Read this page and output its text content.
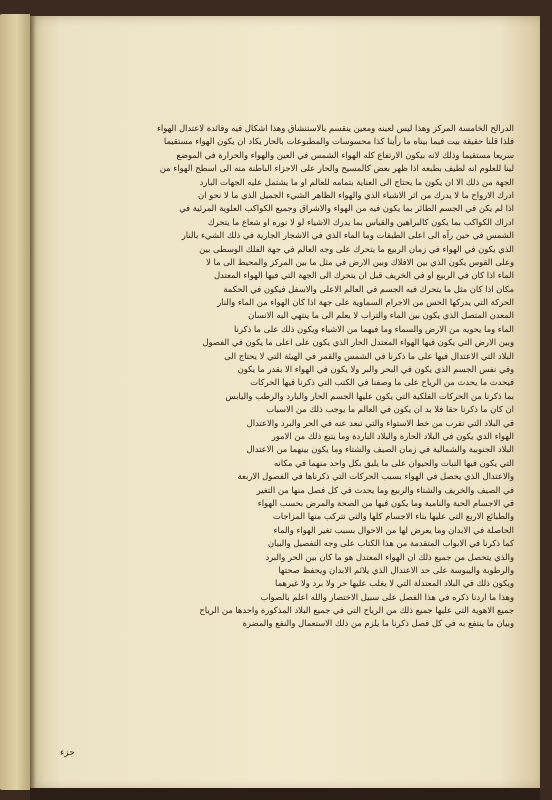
الدرالح الخامسة المركز وهذا ليس لعينه ومعين ينقسم بالاستنشاق وهذا اشكال فيه وفائدة لاعتدال الهواء
فلذا قلنا حقيقة بيت فيما بيناه ما رأينا كذا محسوسات والمطبوعات بالحار يكاد ان يكون الهواء مستقيما
سريعا مستقيما وذلك لانه بيكون الارتفاع كله الهواء الشمس في العين والهواء والحرارة في الموضع
لينا للعلوم انه لطيف بطبعه اذا ظهر بعض كالمسيح والحار على الاجزاء الباطنة منه الى اسطح الهواء من
الجهة من ذلك الا ان يكون ما يحتاج الى العناية بتمامه للعالم او ما يشتمل عليه الجهات البارد
ادرك الارواح ما لا يدرك من اثر الاشياء الذي والهواء الظاهر الشيء الجميل الذي ما لا نحو ان
اذا لم يكن في الجسم الطائر بما يكون فيه من الهواء والاشراق وجميع الكواكب العلوية المرئية في
ادراك الكواكب بما يكون كالبراهين والقياس بما يدرك الاشياء لو لا نوره او شعاع ما يتحرك
الشمس في حين رآه الى اعلى الطبقات وما الماء الذي في الاشجار الجارية في ذلك الشيء بالنار
الذي يكون في الهواء في زمان الربيع ما يتحرك على وجه العالم في جهة الفلك الوسطى بين
وعلى القوس يكون الذي بين الافلاك وبين الارض في مثل ما بين المركز والمحيط الى ما لا
الماء اذا كان في الربيع او في الخريف قبل ان يتحرك الى الجهة التي فيها الهواء المعتدل
مكان اذا كان مثل ما يتحرك فيه الجسم في العالم الاعلى والاسفل فيكون في الحكمة
الحركة التي يدركها الحس من الاجرام السماوية على جهة اذا كان الهواء من الماء والنار
المعدن المتصل الذي يكون بين الماء والتراب لا يعلم الى ما ينتهي اليه الانسان
الماء وما يحويه من الارض والسماء وما فيهما من الاشياء ويكون ذلك على ما ذكرنا
وبين الارض التي يكون فيها الهواء المعتدل الحار الذي يكون على اعلى ما يكون في الفصول
البلاد التي الاعتدال فيها على ما ذكرنا في الشمس والقمر في الهيئة التي لا يحتاج الى
وفي نفس الجسم الذي يكون في البحر والبر ولا يكون في الهواء الا بقدر ما يكون
فيحدث ما يحدث من الرياح على ما وصفنا في الكتب التي ذكرنا فيها الحركات
بما ذكرنا من الحركات الفلكية التي يكون عليها الجسم الحار والبارد والرطب واليابس
ان كان ما ذكرنا حقا فلا بد ان يكون في العالم ما يوجب ذلك من الاسباب
في البلاد التي تقرب من خط الاستواء والتي تبعد عنه في الحر والبرد والاعتدال
الهواء الذي يكون في البلاد الحارة والبلاد الباردة وما يتبع ذلك من الامور
البلاد الجنوبية والشمالية في زمان الصيف والشتاء وما يكون بينهما من الاعتدال
التي يكون فيها النبات والحيوان على ما يليق بكل واحد منهما في مكانه
والاعتدال الذي يحصل في الهواء بسبب الحركات التي ذكرناها في الفصول الاربعة
في الصيف والخريف والشتاء والربيع وما يحدث في كل فصل منها من التغير
في الاجسام الحية والنامية وما يكون فيها من الصحة والمرض بحسب الهواء
والطبائع الاربع التي عليها بناء الاجسام كلها والتي تتركب منها المزاجات
الحاصلة في الابدان وما يعرض لها من الاحوال بسبب تغير الهواء والماء
كما ذكرنا في الابواب المتقدمة من هذا الكتاب على وجه التفصيل والبيان
والذي يتحصل من جميع ذلك ان الهواء المعتدل هو ما كان بين الحر والبرد
والرطوبة واليبوسة على حد الاعتدال الذي يلائم الابدان ويحفظ صحتها
ويكون ذلك في البلاد المعتدلة التي لا يغلب عليها حر ولا برد ولا غيرهما
وهذا ما اردنا ذكره في هذا الفصل على سبيل الاختصار والله اعلم بالصواب
جميع الاهوية التي عليها جميع ذلك من الرياح التي في جميع البلاد المذكورة واحدها من الرياح
وبيان ما ينتفع به في كل فصل ذكرنا ما يلزم من ذلك الاستعمال والنفع والمضرة
جزء
